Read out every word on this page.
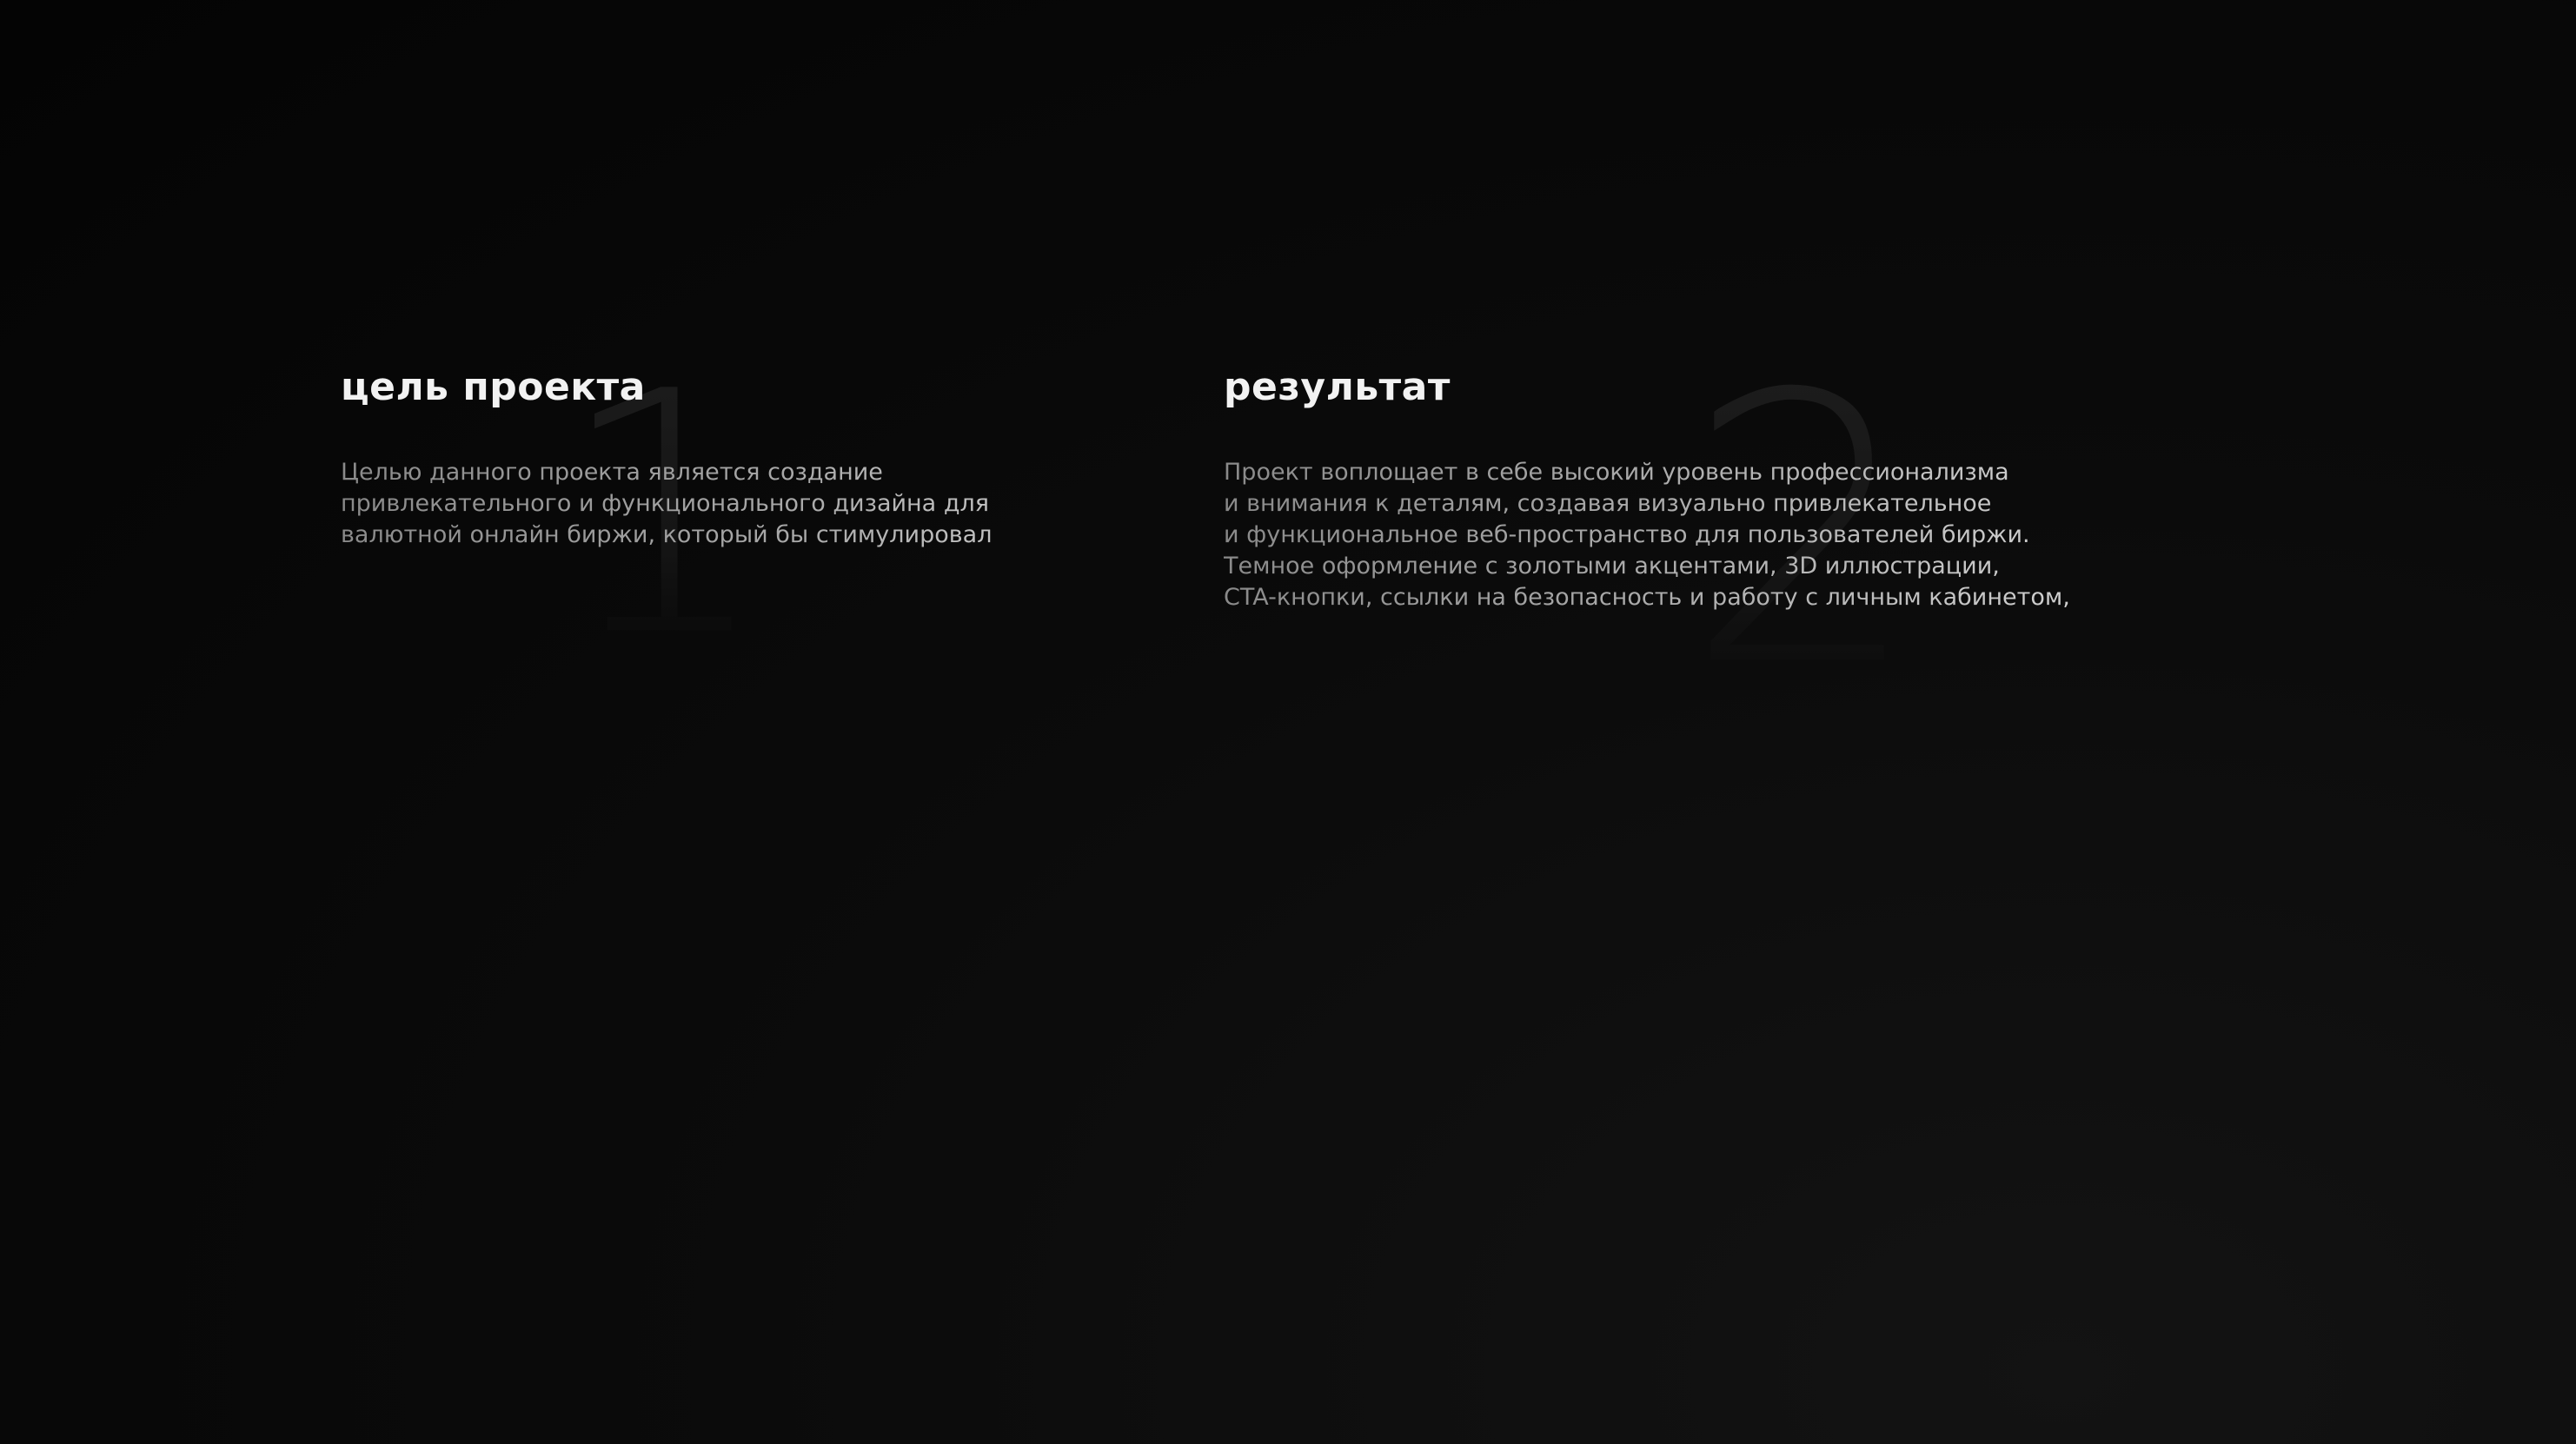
цель проекта

Целью данного проекта является создание
привлекательного и функционального дизайна для
валютной онлайн биржи, который бы стимулировал
пользователей регистрации, активной торговле и
обеспечил им безопасное и комфортное
взаимодействие с платформой.

результат

Проект воплощает в себе высокий уровень профессионализма
и внимания к деталям, создавая визуально привлекательное
и функциональное веб-пространство для пользователей биржи.
Темное оформление с золотыми акцентами, 3D иллюстрации,
CTA-кнопки, ссылки на безопасность и работу с личным кабинетом,
а также линейные элементы успешно воплощают задачи проекта
и способствуют достижению его цели.
